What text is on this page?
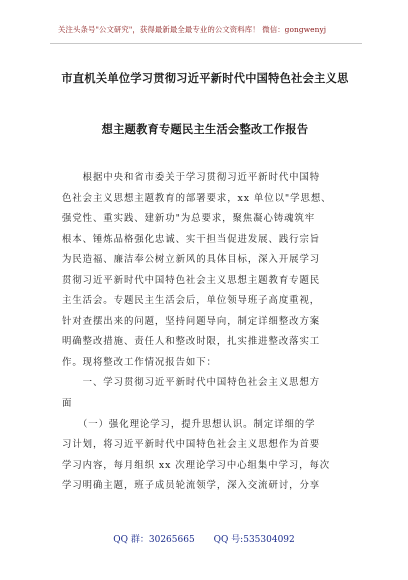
关注头条号"公文研究"，获得最新最全最专业的公文资料库！ 微信：gongwenyj
市直机关单位学习贯彻习近平新时代中国特色社会主义思
想主题教育专题民主生活会整改工作报告
　　根据中央和省市委关于学习贯彻习近平新时代中国特
色社会主义思想主题教育的部署要求，xx 单位以"学思想、
强党性、重实践、建新功"为总要求，聚焦凝心铸魂筑牢
根本、锤炼品格强化忠诚、实干担当促进发展、践行宗旨
为民造福、廉洁奉公树立新风的具体目标，深入开展学习
贯彻习近平新时代中国特色社会主义思想主题教育专题民
主生活会。专题民主生活会后，单位领导班子高度重视，
针对查摆出来的问题，坚持问题导向，制定详细整改方案
明确整改措施、责任人和整改时限，扎实推进整改落实工
作。现将整改工作情况报告如下：
　　一、学习贯彻习近平新时代中国特色社会主义思想方
面
　　（一）强化理论学习，提升思想认识。制定详细的学
习计划，将习近平新时代中国特色社会主义思想作为首要
学习内容，每月组织 xx 次理论学习中心组集中学习，每次
学习明确主题，班子成员轮流领学，深入交流研讨，分享
QQ 群：30265665 QQ 号:535304092
